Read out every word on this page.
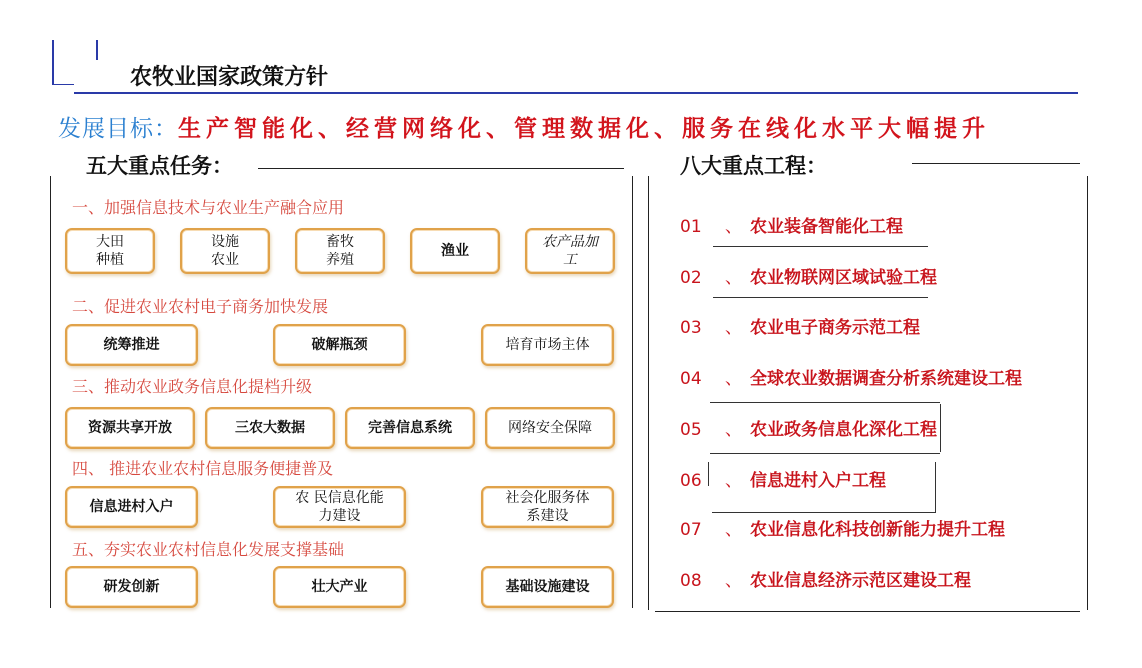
农牧业国家政策方针
发展目标：生产智能化、经营网络化、管理数据化、服务在线化水平大幅提升
五大重点任务：
一、加强信息技术与农业生产融合应用
二、促进农业农村电子商务加快发展
三、推动农业政务信息化提档升级
四、 推进农业农村信息服务便捷普及
五、夯实农业农村信息化发展支撑基础
大田
种植
设施
农业
畜牧
养殖
渔业
农产品加
工
统筹推进	破解瓶颈	培育市场主体
资源共享开放	三农大数据	完善信息系统	网络安全保障
信息进村入户
农 民信息化能
力建设
社会化服务体
系建设
研发创新	壮大产业	基础设施建设
八大重点工程：
01 、 农业装备智能化工程
02 、 农业物联网区域试验工程
03 、 农业电子商务示范工程
04 、 全球农业数据调查分析系统建设工程
05 、 农业政务信息化深化工程
06 、 信息进村入户工程
07 、 农业信息化科技创新能力提升工程
08 、 农业信息经济示范区建设工程
